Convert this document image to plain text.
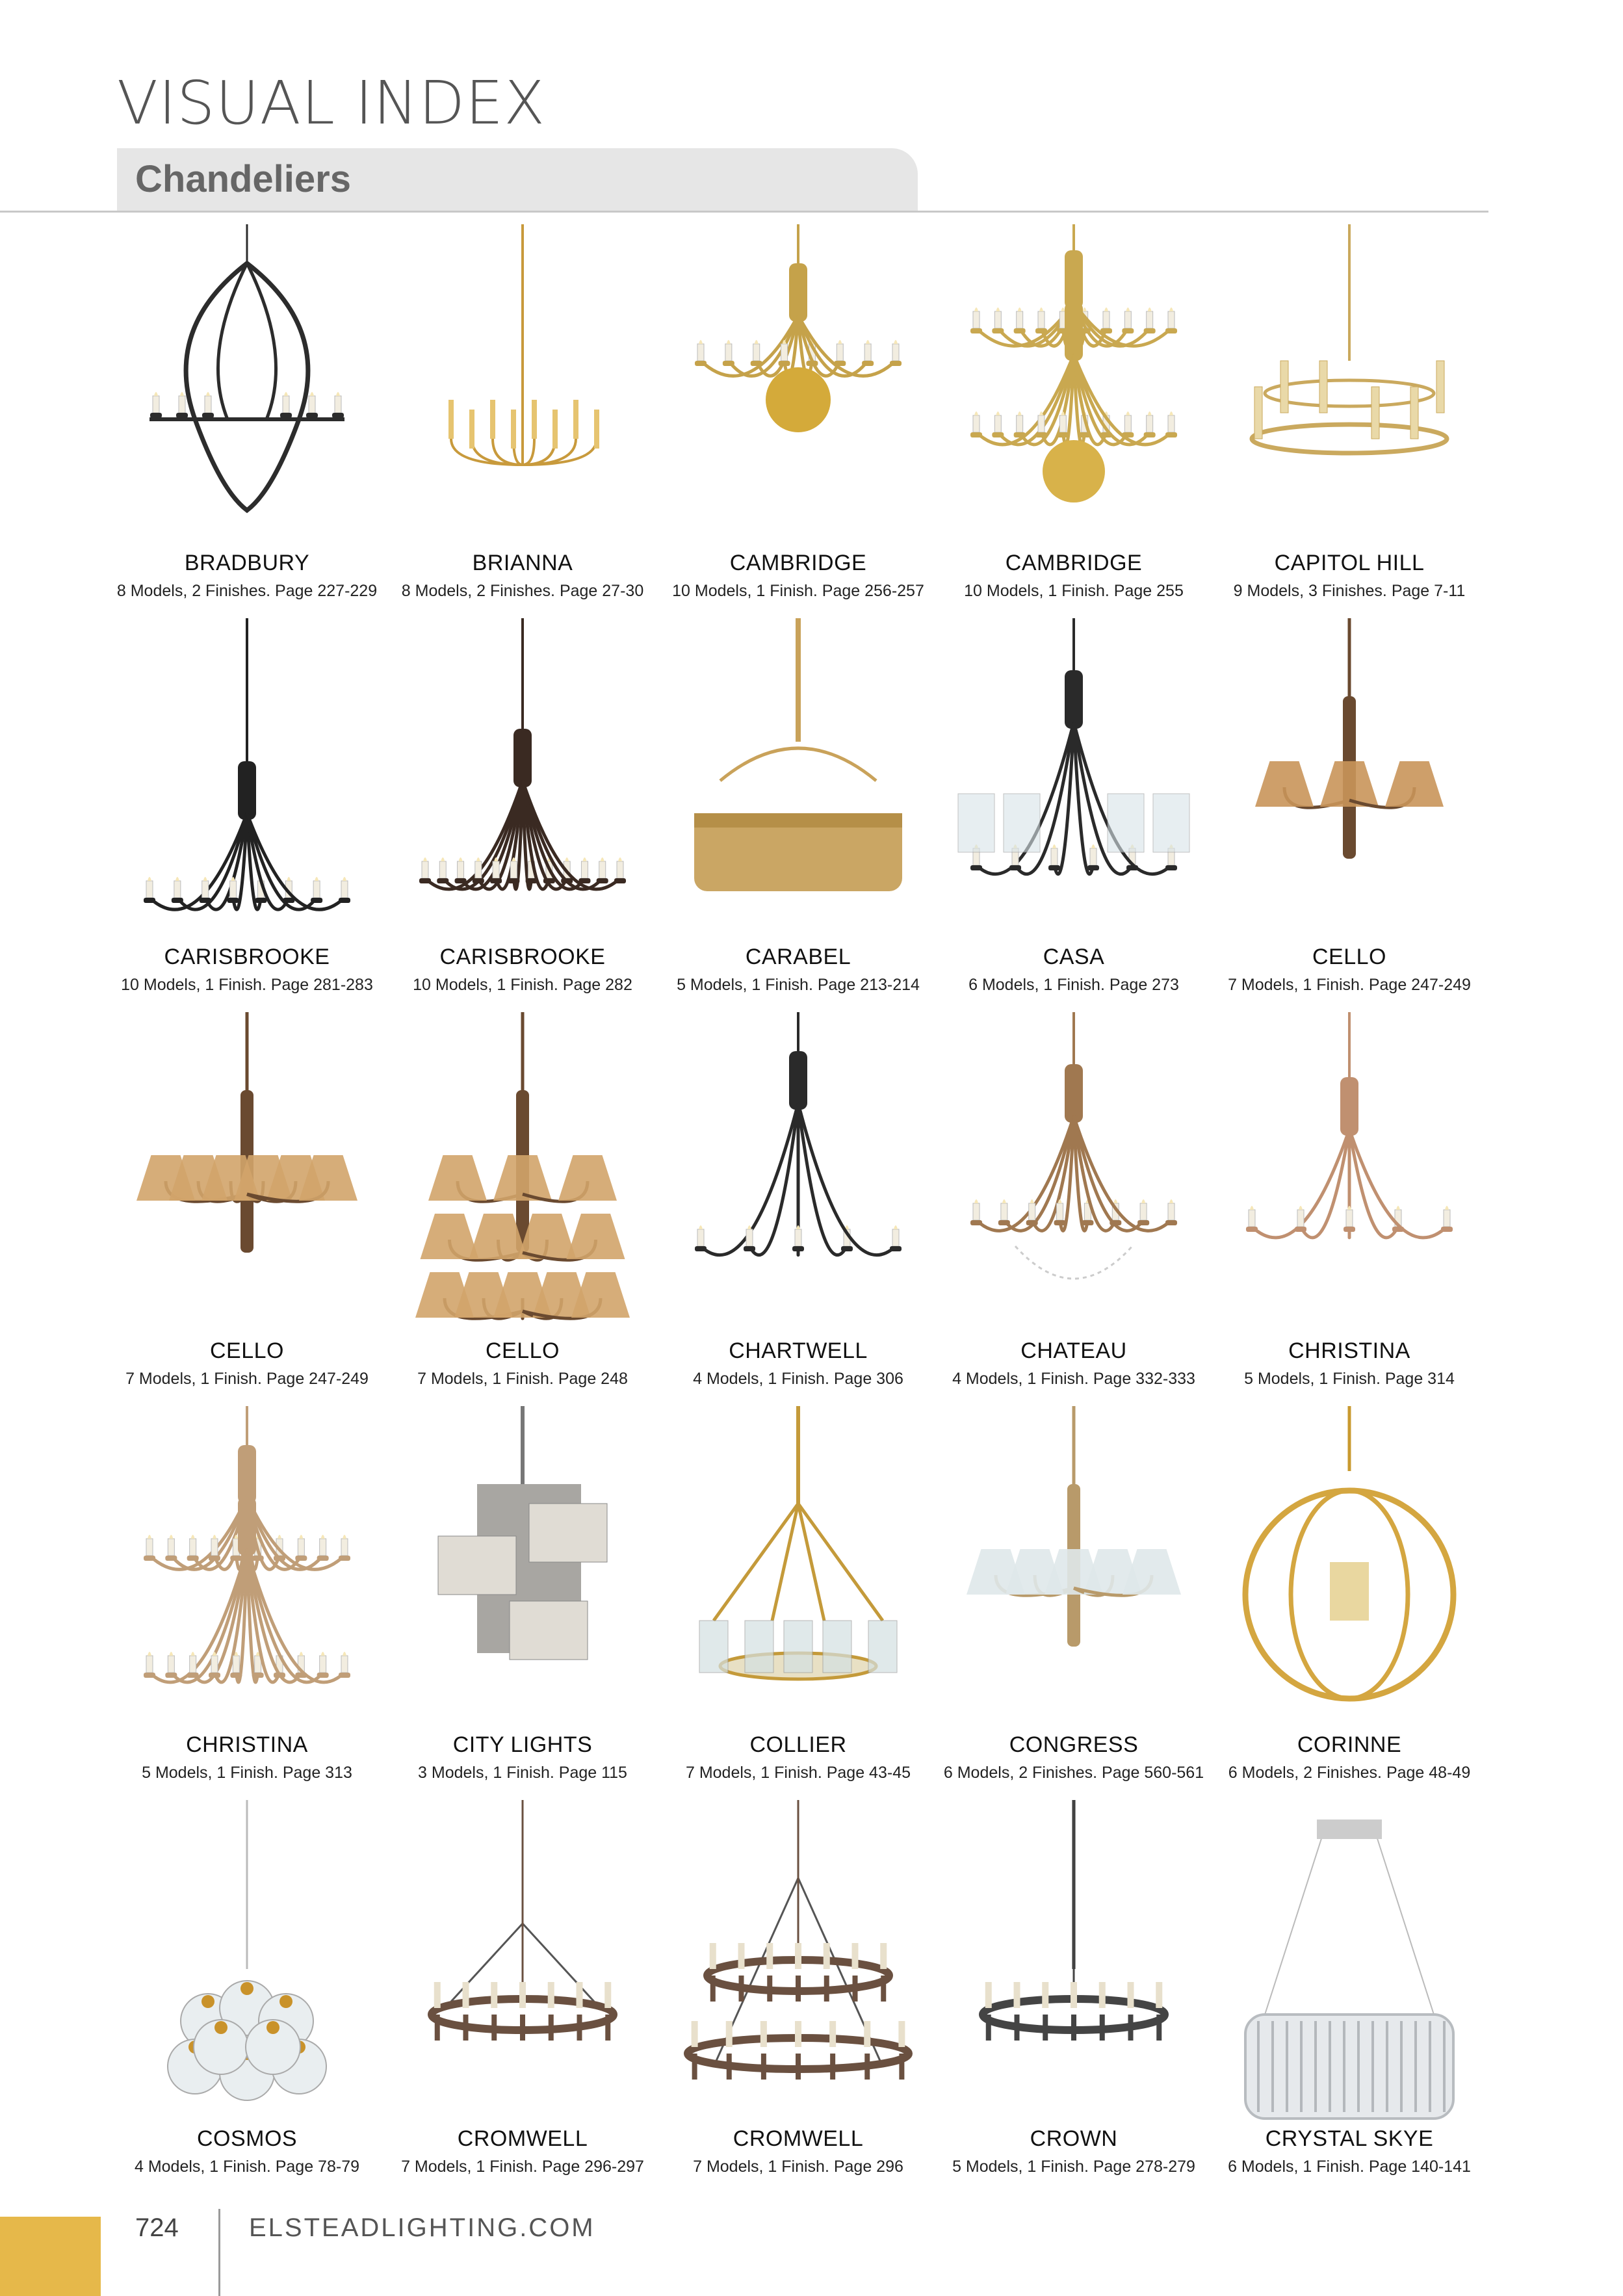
VISUAL INDEX
Chandeliers
BRADBURY
8 Models, 2 Finishes. Page 227-229
BRIANNA
8 Models, 2 Finishes. Page 27-30
CAMBRIDGE
10 Models, 1 Finish. Page 256-257
CAMBRIDGE
10 Models, 1 Finish. Page 255
CAPITOL HILL
9 Models, 3 Finishes. Page 7-11
CARISBROOKE
10 Models, 1 Finish. Page 281-283
CARISBROOKE
10 Models, 1 Finish. Page 282
CARABEL
5 Models, 1 Finish. Page 213-214
CASA
6 Models, 1 Finish. Page 273
CELLO
7 Models, 1 Finish. Page 247-249
CELLO
7 Models, 1 Finish. Page 247-249
CELLO
7 Models, 1 Finish. Page 248
CHARTWELL
4 Models, 1 Finish. Page 306
CHATEAU
4 Models, 1 Finish. Page 332-333
CHRISTINA
5 Models, 1 Finish. Page 314
CHRISTINA
5 Models, 1 Finish. Page 313
CITY LIGHTS
3 Models, 1 Finish. Page 115
COLLIER
7 Models, 1 Finish. Page 43-45
CONGRESS
6 Models, 2 Finishes. Page 560-561
CORINNE
6 Models, 2 Finishes. Page 48-49
COSMOS
4 Models, 1 Finish. Page 78-79
CROMWELL
7 Models, 1 Finish. Page 296-297
CROMWELL
7 Models, 1 Finish. Page 296
CROWN
5 Models, 1 Finish. Page 278-279
CRYSTAL SKYE
6 Models, 1 Finish. Page 140-141
724	ELSTEADLIGHTING.COM
